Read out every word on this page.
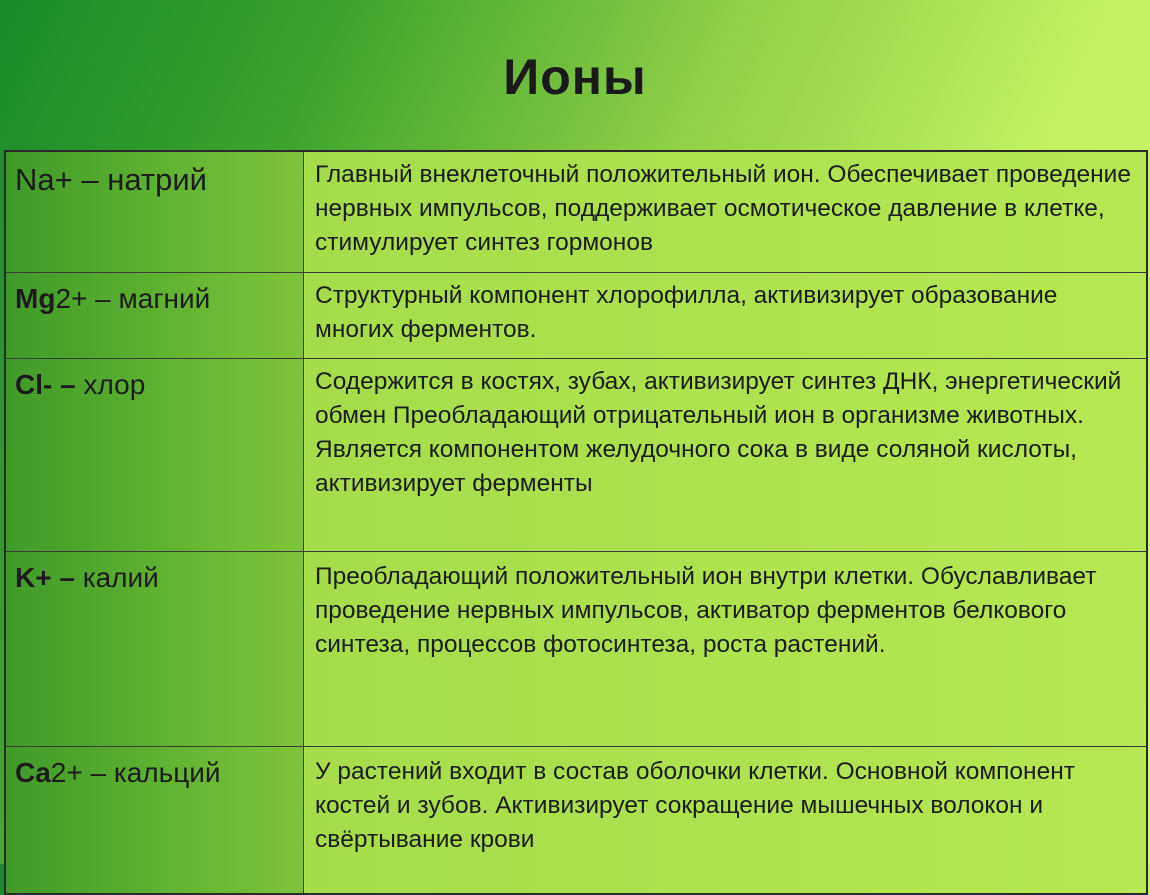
Ионы
Na+ – натрий	Главный внеклеточный положительный ион. Обеспечивает проведение нервных импульсов, поддерживает осмотическое давление в клетке, стимулирует синтез гормонов
Mg2+ – магний	Структурный компонент хлорофилла, активизирует образование многих ферментов.
Cl- – хлор	Содержится в костях, зубах, активизирует синтез ДНК, энергетический обмен Преобладающий отрицательный ион в организме животных. Является компонентом желудочного сока в виде соляной кислоты, активизирует ферменты
K+ – калий	Преобладающий положительный ион внутри клетки. Обуславливает проведение нервных импульсов, активатор ферментов белкового синтеза, процессов фотосинтеза, роста растений.
Ca2+ – кальций	У растений входит в состав оболочки клетки. Основной компонент костей и зубов. Активизирует сокращение мышечных волокон и свёртывание крови
